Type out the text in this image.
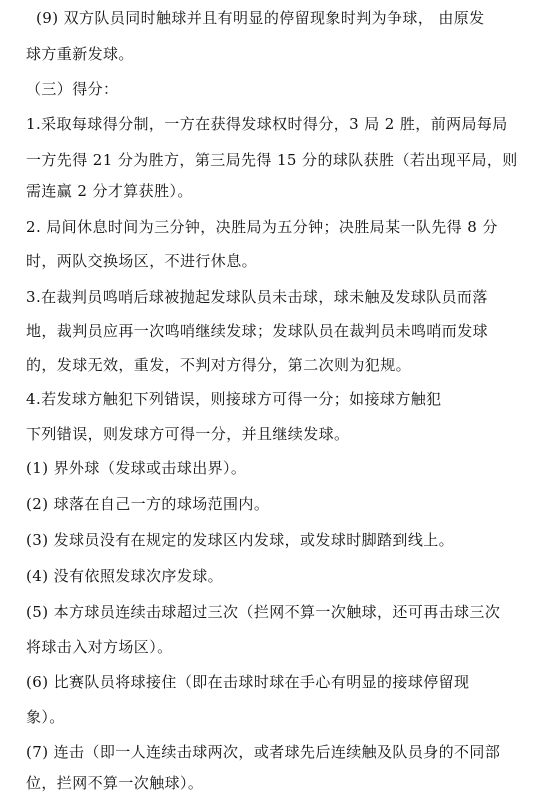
(9) 双方队员同时触球并且有明显的停留现象时判为争球， 由原发
球方重新发球。
（三）得分：
1.采取每球得分制，一方在获得发球权时得分，3 局 2 胜，前两局每局
一方先得 21 分为胜方，第三局先得 15 分的球队获胜（若出现平局，则
需连赢 2 分才算获胜）。
2. 局间休息时间为三分钟，决胜局为五分钟；决胜局某一队先得 8 分
时，两队交换场区，不进行休息。
3.在裁判员鸣哨后球被抛起发球队员未击球，球未触及发球队员而落
地，裁判员应再一次鸣哨继续发球；发球队员在裁判员未鸣哨而发球
的，发球无效，重发，不判对方得分，第二次则为犯规。
4.若发球方触犯下列错误，则接球方可得一分；如接球方触犯
下列错误，则发球方可得一分，并且继续发球。
(1) 界外球（发球或击球出界）。
(2) 球落在自己一方的球场范围内。
(3) 发球员没有在规定的发球区内发球，或发球时脚踏到线上。
(4) 没有依照发球次序发球。
(5) 本方球员连续击球超过三次（拦网不算一次触球，还可再击球三次
将球击入对方场区）。
(6) 比赛队员将球接住（即在击球时球在手心有明显的接球停留现
象）。
(7) 连击（即一人连续击球两次，或者球先后连续触及队员身的不同部
位，拦网不算一次触球）。
